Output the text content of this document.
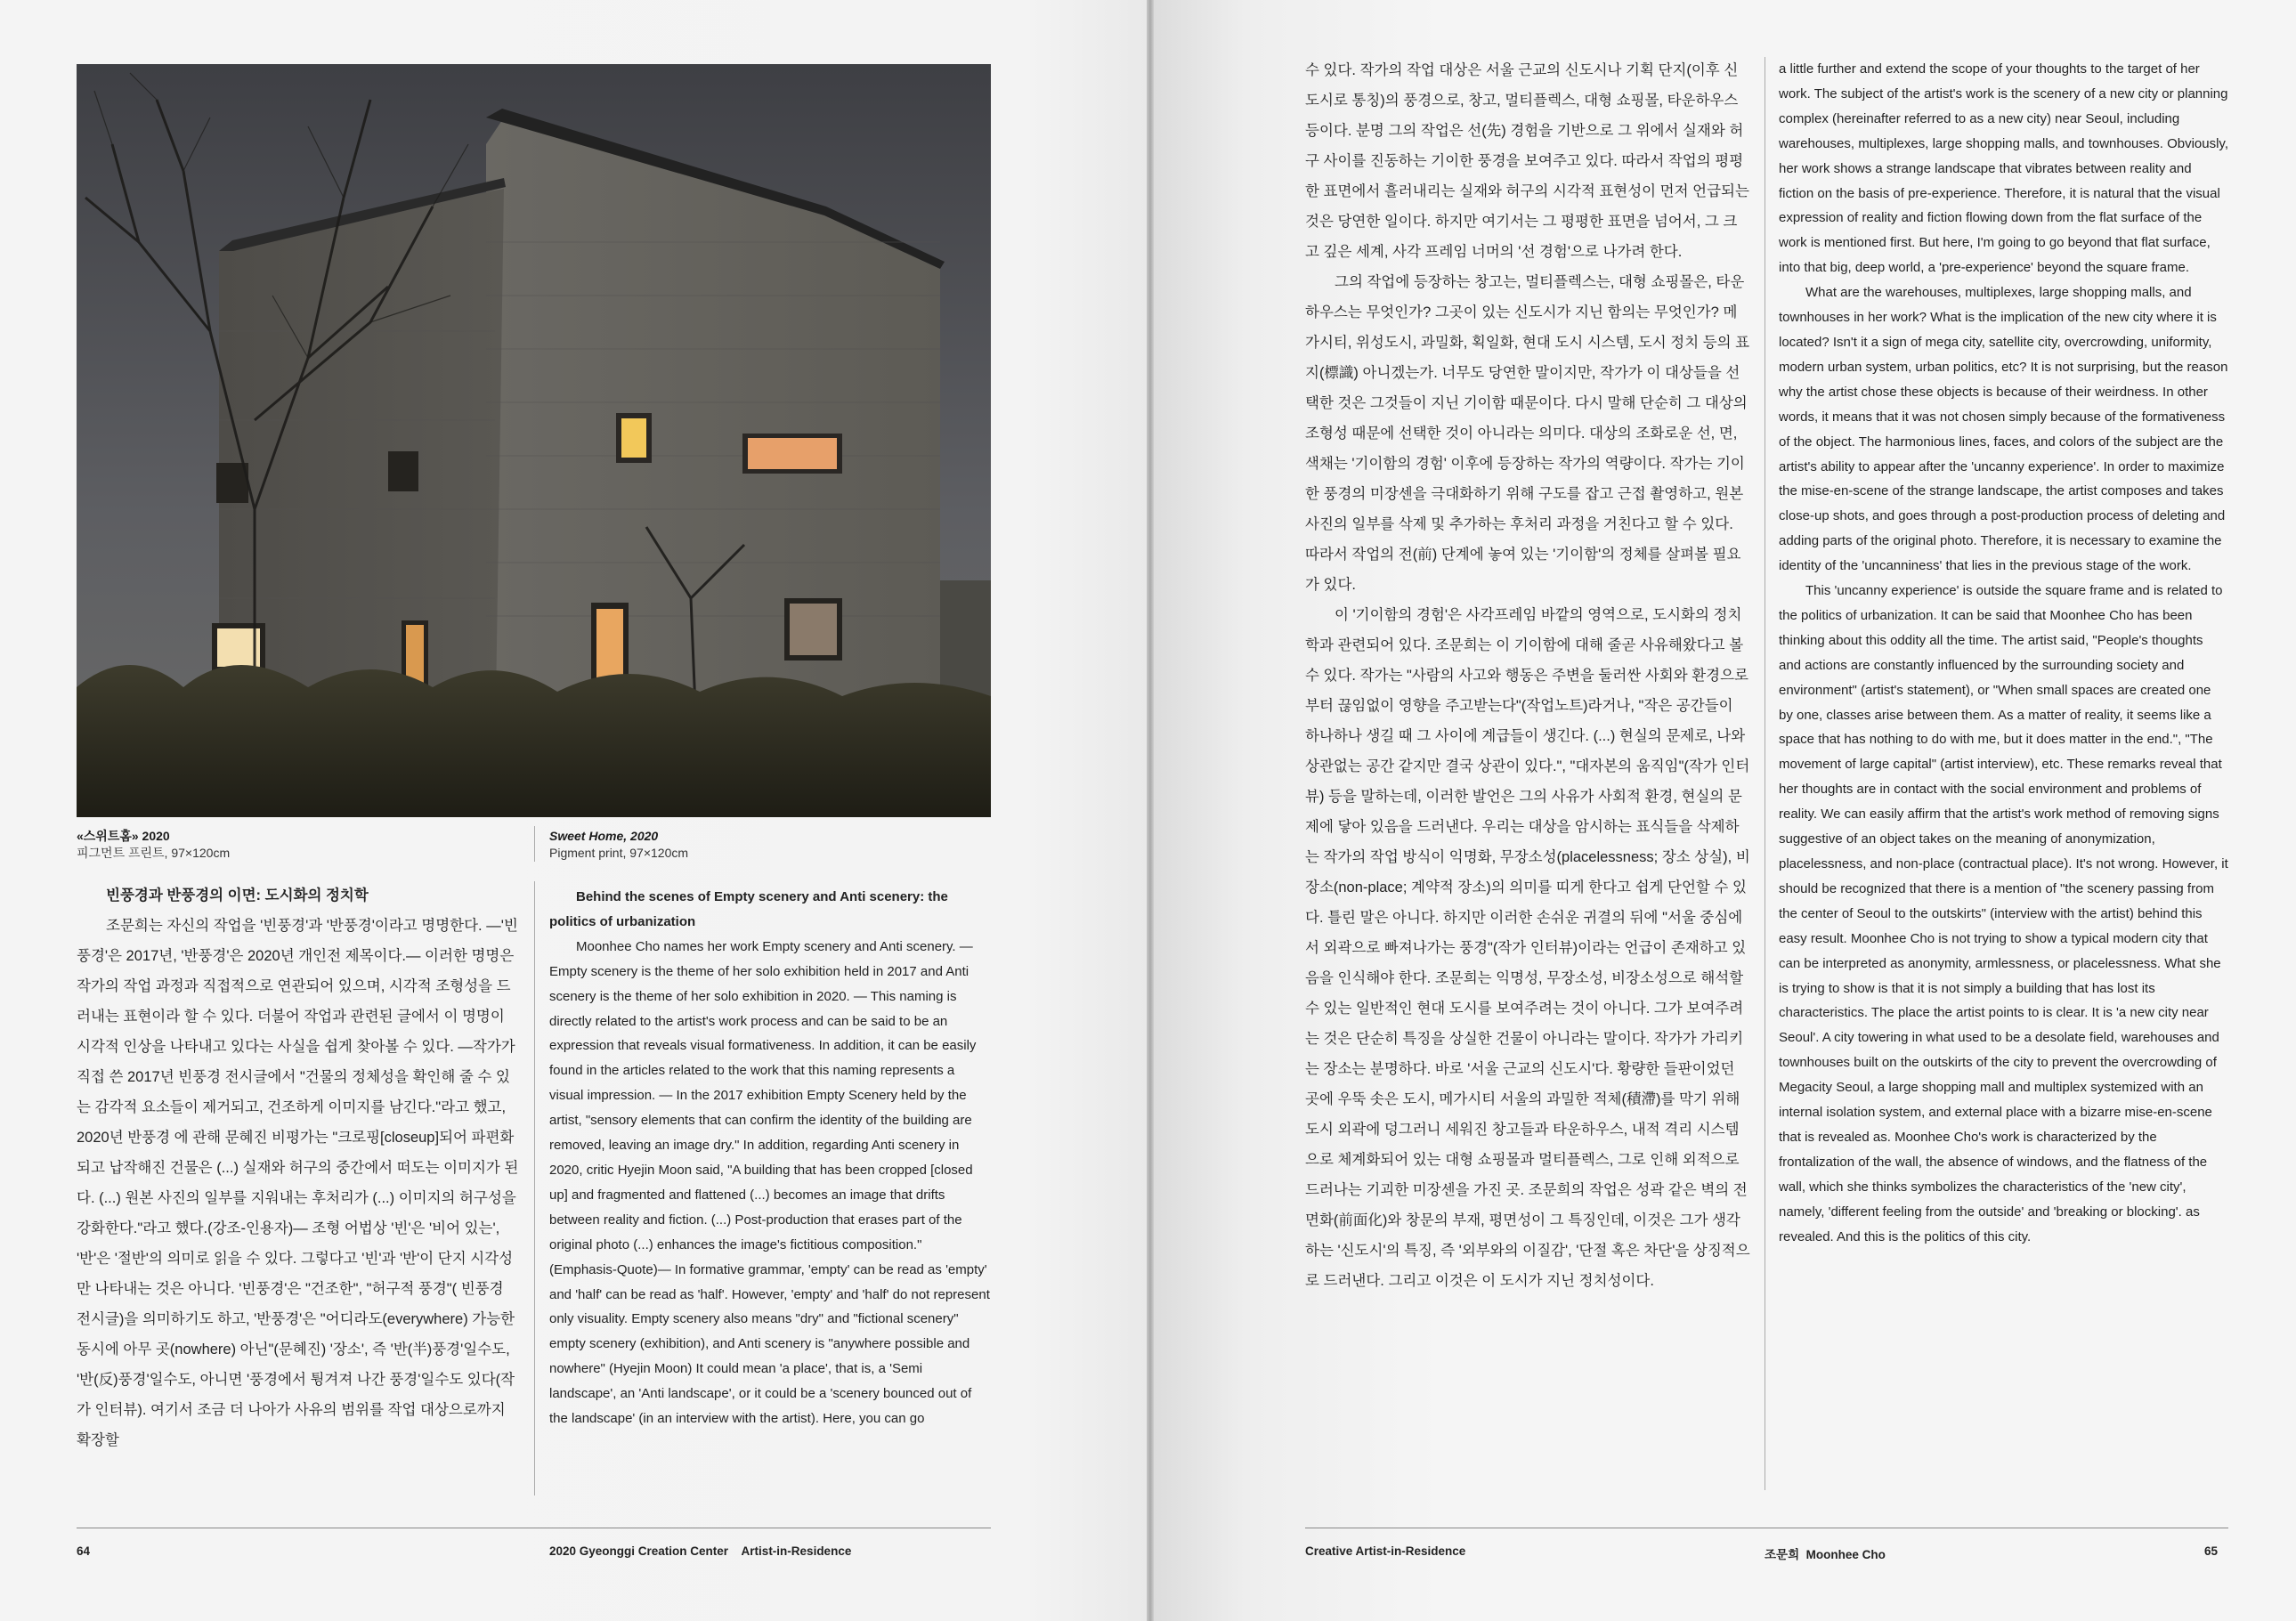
«스위트홈» 2020
피그먼트 프린트, 97×120cm
Sweet Home, 2020
Pigment print, 97×120cm
빈풍경과 반풍경의 이면: 도시화의 정치학

조문희는 자신의 작업을 '빈풍경'과 '반풍경'이라고 명명한다. —'빈풍경'은 2017년, '반풍경'은 2020년 개인전 제목이다.— 이러한 명명은 작가의 작업 과정과 직접적으로 연관되어 있으며, 시각적 조형성을 드러내는 표현이라 할 수 있다. 더불어 작업과 관련된 글에서 이 명명이 시각적 인상을 나타내고 있다는 사실을 쉽게 찾아볼 수 있다. —작가가 직접 쓴 2017년 빈풍경 전시글에서 "건물의 정체성을 확인해 줄 수 있는 감각적 요소들이 제거되고, 건조하게 이미지를 남긴다."라고 했고, 2020년 반풍경 에 관해 문혜진 비평가는 "크로핑[closeup]되어 파편화되고 납작해진 건물은 (...) 실재와 허구의 중간에서 떠도는 이미지가 된다. (...) 원본 사진의 일부를 지워내는 후처리가 (...) 이미지의 허구성을 강화한다."라고 했다.(강조-인용자)— 조형 어법상 '빈'은 '비어 있는', '반'은 '절반'의 의미로 읽을 수 있다. 그렇다고 '빈'과 '반'이 단지 시각성만 나타내는 것은 아니다. '빈풍경'은 "건조한", "허구적 풍경"( 빈풍경 전시글)을 의미하기도 하고, '반풍경'은 "어디라도(everywhere) 가능한 동시에 아무 곳(nowhere) 아닌"(문혜진) '장소', 즉 '반(半)풍경'일수도, '반(反)풍경'일수도, 아니면 '풍경에서 튕겨져 나간 풍경'일수도 있다(작가 인터뷰). 여기서 조금 더 나아가 사유의 범위를 작업 대상으로까지 확장할

Behind the scenes of Empty scenery and Anti scenery: the politics of urbanization

Moonhee Cho names her work Empty scenery and Anti scenery. —Empty scenery is the theme of her solo exhibition held in 2017 and Anti scenery is the theme of her solo exhibition in 2020. — This naming is directly related to the artist's work process and can be said to be an expression that reveals visual formativeness. In addition, it can be easily found in the articles related to the work that this naming represents a visual impression. — In the 2017 exhibition Empty Scenery held by the artist, "sensory elements that can confirm the identity of the building are removed, leaving an image dry." In addition, regarding Anti scenery in 2020, critic Hyejin Moon said, "A building that has been cropped [closed up] and fragmented and flattened (...) becomes an image that drifts between reality and fiction. (...) Post-production that erases part of the original photo (...) enhances the image's fictitious composition." (Emphasis-Quote)— In formative grammar, 'empty' can be read as 'empty' and 'half' can be read as 'half'. However, 'empty' and 'half' do not represent only visuality. Empty scenery also means "dry" and "fictional scenery" empty scenery (exhibition), and Anti scenery is "anywhere possible and nowhere" (Hyejin Moon) It could mean 'a place', that is, a 'Semi landscape', an 'Anti landscape', or it could be a 'scenery bounced out of the landscape' (in an interview with the artist). Here, you can go

64	2020 Gyeonggi Creation Center    Artist-in-Residence

수 있다. 작가의 작업 대상은 서울 근교의 신도시나 기획 단지(이후 신도시로 통칭)의 풍경으로, 창고, 멀티플렉스, 대형 쇼핑몰, 타운하우스 등이다. 분명 그의 작업은 선(先) 경험을 기반으로 그 위에서 실재와 허구 사이를 진동하는 기이한 풍경을 보여주고 있다. 따라서 작업의 평평한 표면에서 흘러내리는 실재와 허구의 시각적 표현성이 먼저 언급되는 것은 당연한 일이다. 하지만 여기서는 그 평평한 표면을 넘어서, 그 크고 깊은 세계, 사각 프레임 너머의 '선 경험'으로 나가려 한다.

그의 작업에 등장하는 창고는, 멀티플렉스는, 대형 쇼핑몰은, 타운하우스는 무엇인가? 그곳이 있는 신도시가 지닌 함의는 무엇인가? 메가시티, 위성도시, 과밀화, 획일화, 현대 도시 시스템, 도시 정치 등의 표지(標識) 아니겠는가. 너무도 당연한 말이지만, 작가가 이 대상들을 선택한 것은 그것들이 지닌 기이함 때문이다. 다시 말해 단순히 그 대상의 조형성 때문에 선택한 것이 아니라는 의미다. 대상의 조화로운 선, 면, 색채는 '기이함의 경험' 이후에 등장하는 작가의 역량이다. 작가는 기이한 풍경의 미장센을 극대화하기 위해 구도를 잡고 근접 촬영하고, 원본 사진의 일부를 삭제 및 추가하는 후처리 과정을 거친다고 할 수 있다. 따라서 작업의 전(前) 단계에 놓여 있는 '기이함'의 정체를 살펴볼 필요가 있다.

이 '기이함의 경험'은 사각프레임 바깥의 영역으로, 도시화의 정치학과 관련되어 있다. 조문희는 이 기이함에 대해 줄곧 사유해왔다고 볼 수 있다. 작가는 "사람의 사고와 행동은 주변을 둘러싼 사회와 환경으로부터 끊임없이 영향을 주고받는다"(작업노트)라거나, "작은 공간들이 하나하나 생길 때 그 사이에 계급들이 생긴다. (...) 현실의 문제로, 나와 상관없는 공간 같지만 결국 상관이 있다.", "대자본의 움직임"(작가 인터뷰) 등을 말하는데, 이러한 발언은 그의 사유가 사회적 환경, 현실의 문제에 닿아 있음을 드러낸다. 우리는 대상을 암시하는 표식들을 삭제하는 작가의 작업 방식이 익명화, 무장소성(placelessness; 장소 상실), 비장소(non-place; 계약적 장소)의 의미를 띠게 한다고 쉽게 단언할 수 있다. 틀린 말은 아니다. 하지만 이러한 손쉬운 귀결의 뒤에 "서울 중심에서 외곽으로 빠져나가는 풍경"(작가 인터뷰)이라는 언급이 존재하고 있음을 인식해야 한다. 조문희는 익명성, 무장소성, 비장소성으로 해석할 수 있는 일반적인 현대 도시를 보여주려는 것이 아니다. 그가 보여주려는 것은 단순히 특징을 상실한 건물이 아니라는 말이다. 작가가 가리키는 장소는 분명하다. 바로 '서울 근교의 신도시'다. 황량한 들판이었던 곳에 우뚝 솟은 도시, 메가시티 서울의 과밀한 적체(積滯)를 막기 위해 도시 외곽에 덩그러니 세워진 창고들과 타운하우스, 내적 격리 시스템으로 체계화되어 있는 대형 쇼핑몰과 멀티플렉스, 그로 인해 외적으로 드러나는 기괴한 미장센을 가진 곳. 조문희의 작업은 성곽 같은 벽의 전면화(前面化)와 창문의 부재, 평면성이 그 특징인데, 이것은 그가 생각하는 '신도시'의 특징, 즉 '외부와의 이질감', '단절 혹은 차단'을 상징적으로 드러낸다. 그리고 이것은 이 도시가 지닌 정치성이다.

a little further and extend the scope of your thoughts to the target of her work. The subject of the artist's work is the scenery of a new city or planning complex (hereinafter referred to as a new city) near Seoul, including warehouses, multiplexes, large shopping malls, and townhouses. Obviously, her work shows a strange landscape that vibrates between reality and fiction on the basis of pre-experience. Therefore, it is natural that the visual expression of reality and fiction flowing down from the flat surface of the work is mentioned first. But here, I'm going to go beyond that flat surface, into that big, deep world, a 'pre-experience' beyond the square frame.

What are the warehouses, multiplexes, large shopping malls, and townhouses in her work? What is the implication of the new city where it is located? Isn't it a sign of mega city, satellite city, overcrowding, uniformity, modern urban system, urban politics, etc? It is not surprising, but the reason why the artist chose these objects is because of their weirdness. In other words, it means that it was not chosen simply because of the formativeness of the object. The harmonious lines, faces, and colors of the subject are the artist's ability to appear after the 'uncanny experience'. In order to maximize the mise-en-scene of the strange landscape, the artist composes and takes close-up shots, and goes through a post-production process of deleting and adding parts of the original photo. Therefore, it is necessary to examine the identity of the 'uncanniness' that lies in the previous stage of the work.

This 'uncanny experience' is outside the square frame and is related to the politics of urbanization. It can be said that Moonhee Cho has been thinking about this oddity all the time. The artist said, "People's thoughts and actions are constantly influenced by the surrounding society and environment" (artist's statement), or "When small spaces are created one by one, classes arise between them. As a matter of reality, it seems like a space that has nothing to do with me, but it does matter in the end.", "The movement of large capital" (artist interview), etc. These remarks reveal that her thoughts are in contact with the social environment and problems of reality. We can easily affirm that the artist's work method of removing signs suggestive of an object takes on the meaning of anonymization, placelessness, and non-place (contractual place). It's not wrong. However, it should be recognized that there is a mention of "the scenery passing from the center of Seoul to the outskirts" (interview with the artist) behind this easy result. Moonhee Cho is not trying to show a typical modern city that can be interpreted as anonymity, armlessness, or placelessness. What she is trying to show is that it is not simply a building that has lost its characteristics. The place the artist points to is clear. It is 'a new city near Seoul'. A city towering in what used to be a desolate field, warehouses and townhouses built on the outskirts of the city to prevent the overcrowding of Megacity Seoul, a large shopping mall and multiplex systemized with an internal isolation system, and external place with a bizarre mise-en-scene that is revealed as. Moonhee Cho's work is characterized by the frontalization of the wall, the absence of windows, and the flatness of the wall, which she thinks symbolizes the characteristics of the 'new city', namely, 'different feeling from the outside' and 'breaking or blocking'. as revealed. And this is the politics of this city.

Creative Artist-in-Residence	조문희  Moonhee Cho	65
